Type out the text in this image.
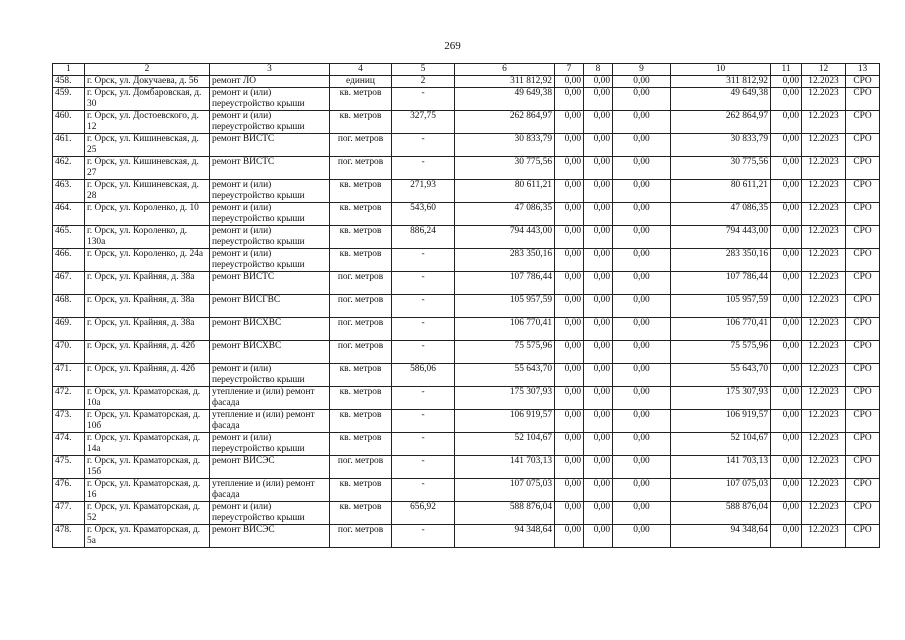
269
1	2	3	4	5	6	7	8	9	10	11	12	13
458.	г. Орск, ул. Докучаева, д. 56	ремонт ЛО	единиц	2	311 812,92	0,00	0,00	0,00	311 812,92	0,00	12.2023	СРО
459.	г. Орск, ул. Домбаровская, д. 30	ремонт и (или) переустройство крыши	кв. метров	-	49 649,38	0,00	0,00	0,00	49 649,38	0,00	12.2023	СРО
460.	г. Орск, ул. Достоевского, д. 12	ремонт и (или) переустройство крыши	кв. метров	327,75	262 864,97	0,00	0,00	0,00	262 864,97	0,00	12.2023	СРО
461.	г. Орск, ул. Кишиневская, д. 25	ремонт ВИСТС	пог. метров	-	30 833,79	0,00	0,00	0,00	30 833,79	0,00	12.2023	СРО
462.	г. Орск, ул. Кишиневская, д. 27	ремонт ВИСТС	пог. метров	-	30 775,56	0,00	0,00	0,00	30 775,56	0,00	12.2023	СРО
463.	г. Орск, ул. Кишиневская, д. 28	ремонт и (или) переустройство крыши	кв. метров	271,93	80 611,21	0,00	0,00	0,00	80 611,21	0,00	12.2023	СРО
464.	г. Орск, ул. Короленко, д. 10	ремонт и (или) переустройство крыши	кв. метров	543,60	47 086,35	0,00	0,00	0,00	47 086,35	0,00	12.2023	СРО
465.	г. Орск, ул. Короленко, д. 130а	ремонт и (или) переустройство крыши	кв. метров	886,24	794 443,00	0,00	0,00	0,00	794 443,00	0,00	12.2023	СРО
466.	г. Орск, ул. Короленко, д. 24а	ремонт и (или) переустройство крыши	кв. метров	-	283 350,16	0,00	0,00	0,00	283 350,16	0,00	12.2023	СРО
467.	г. Орск, ул. Крайняя, д. 38а	ремонт ВИСТС	пог. метров	-	107 786,44	0,00	0,00	0,00	107 786,44	0,00	12.2023	СРО
468.	г. Орск, ул. Крайняя, д. 38а	ремонт ВИСГВС	пог. метров	-	105 957,59	0,00	0,00	0,00	105 957,59	0,00	12.2023	СРО
469.	г. Орск, ул. Крайняя, д. 38а	ремонт ВИСХВС	пог. метров	-	106 770,41	0,00	0,00	0,00	106 770,41	0,00	12.2023	СРО
470.	г. Орск, ул. Крайняя, д. 42б	ремонт ВИСХВС	пог. метров	-	75 575,96	0,00	0,00	0,00	75 575,96	0,00	12.2023	СРО
471.	г. Орск, ул. Крайняя, д. 42б	ремонт и (или) переустройство крыши	кв. метров	586,06	55 643,70	0,00	0,00	0,00	55 643,70	0,00	12.2023	СРО
472.	г. Орск, ул. Краматорская, д. 10а	утепление и (или) ремонт фасада	кв. метров	-	175 307,93	0,00	0,00	0,00	175 307,93	0,00	12.2023	СРО
473.	г. Орск, ул. Краматорская, д. 10б	утепление и (или) ремонт фасада	кв. метров	-	106 919,57	0,00	0,00	0,00	106 919,57	0,00	12.2023	СРО
474.	г. Орск, ул. Краматорская, д. 14а	ремонт и (или) переустройство крыши	кв. метров	-	52 104,67	0,00	0,00	0,00	52 104,67	0,00	12.2023	СРО
475.	г. Орск, ул. Краматорская, д. 15б	ремонт ВИСЭС	пог. метров	-	141 703,13	0,00	0,00	0,00	141 703,13	0,00	12.2023	СРО
476.	г. Орск, ул. Краматорская, д. 16	утепление и (или) ремонт фасада	кв. метров	-	107 075,03	0,00	0,00	0,00	107 075,03	0,00	12.2023	СРО
477.	г. Орск, ул. Краматорская, д. 52	ремонт и (или) переустройство крыши	кв. метров	656,92	588 876,04	0,00	0,00	0,00	588 876,04	0,00	12.2023	СРО
478.	г. Орск, ул. Краматорская, д. 5а	ремонт ВИСЭС	пог. метров	-	94 348,64	0,00	0,00	0,00	94 348,64	0,00	12.2023	СРО
